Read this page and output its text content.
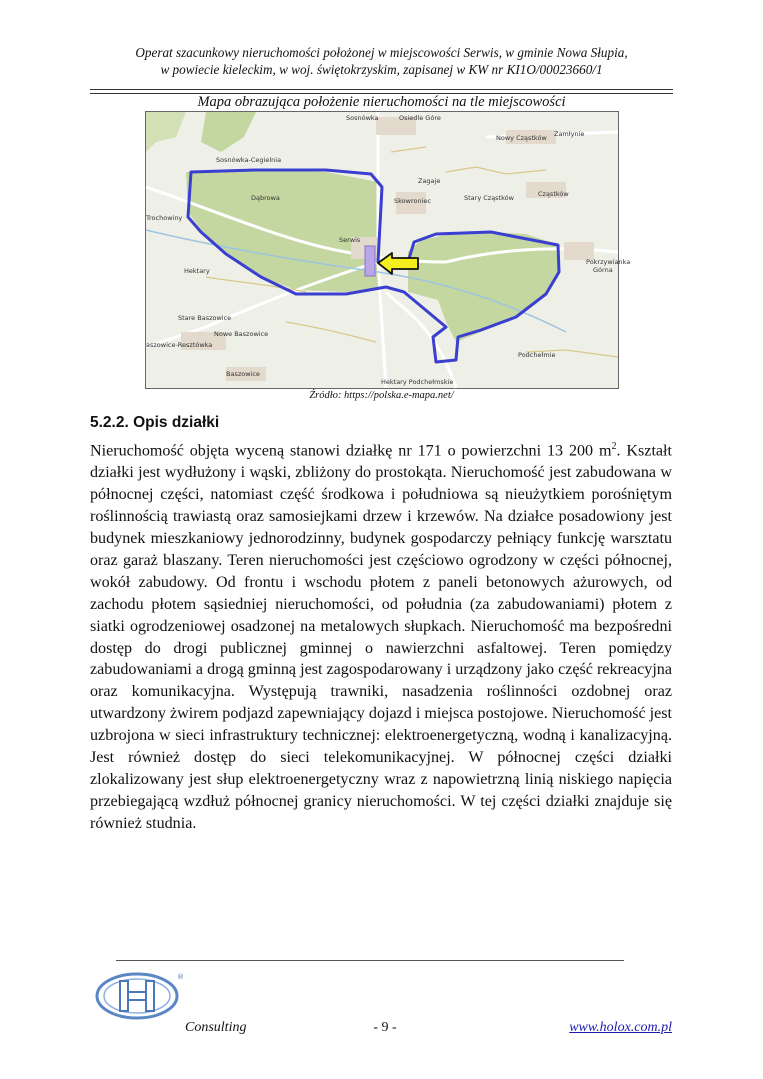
Operat szacunkowy nieruchomości położonej w miejscowości Serwis, w gminie Nowa Słupia,
w powiecie kieleckim, w woj. świętokrzyskim, zapisanej w KW nr KI1O/00023660/1
Mapa obrazująca położenie nieruchomości na tle miejscowości
Sosnówka	Osiedle Góre
Nowy Cząstków Zamłynie
Sosnówka-Cegielnia
Zagaje
Skowroniec	Stary Cząstków	Cząstków
Trochowiny
Dąbrowa
Serwis
Pokrzywianka
Górna
Hektary
Stare Baszowice
Nowe Baszowice
aszowice-Resztówka
Podchełmie
Baszowice
Hektary Podchełmskie
Źródło: https://polska.e-mapa.net/
5.2.2. Opis działki

Nieruchomość objęta wyceną stanowi działkę nr 171 o powierzchni 13 200 $m^2$. Kształt działki jest wydłużony i wąski, zbliżony do prostokąta. Nieruchomość jest zabudowana w północnej części, natomiast część środkowa i południowa są nieużytkiem porośniętym roślinnością trawiastą oraz samosiejkami drzew i krzewów. Na działce posadowiony jest budynek mieszkaniowy jednorodzinny, budynek gospodarczy pełniący funkcję warsztatu oraz garaż blaszany. Teren nieruchomości jest częściowo ogrodzony w części północnej, wokół zabudowy. Od frontu i wschodu płotem z paneli betonowych ażurowych, od zachodu płotem sąsiedniej nieruchomości, od południa (za zabudowaniami) płotem z siatki ogrodzeniowej osadzonej na metalowych słupkach. Nieruchomość ma bezpośredni dostęp do drogi publicznej gminnej o nawierzchni asfaltowej. Teren pomiędzy zabudowaniami a drogą gminną jest zagospodarowany i urządzony jako część rekreacyjna oraz komunikacyjna. Występują trawniki, nasadzenia roślinności ozdobnej oraz utwardzony żwirem podjazd zapewniający dojazd i miejsca postojowe. Nieruchomość jest uzbrojona w sieci infrastruktury technicznej: elektroenergetyczną, wodną i kanalizacyjną. Jest również dostęp do sieci telekomunikacyjnej. W północnej części działki zlokalizowany jest słup elektroenergetyczny wraz z napowietrzną linią niskiego napięcia przebiegającą wzdłuż północnej granicy nieruchomości. W tej części działki znajduje się również studnia.

®
Consulting	- 9 -	www.holox.com.pl
